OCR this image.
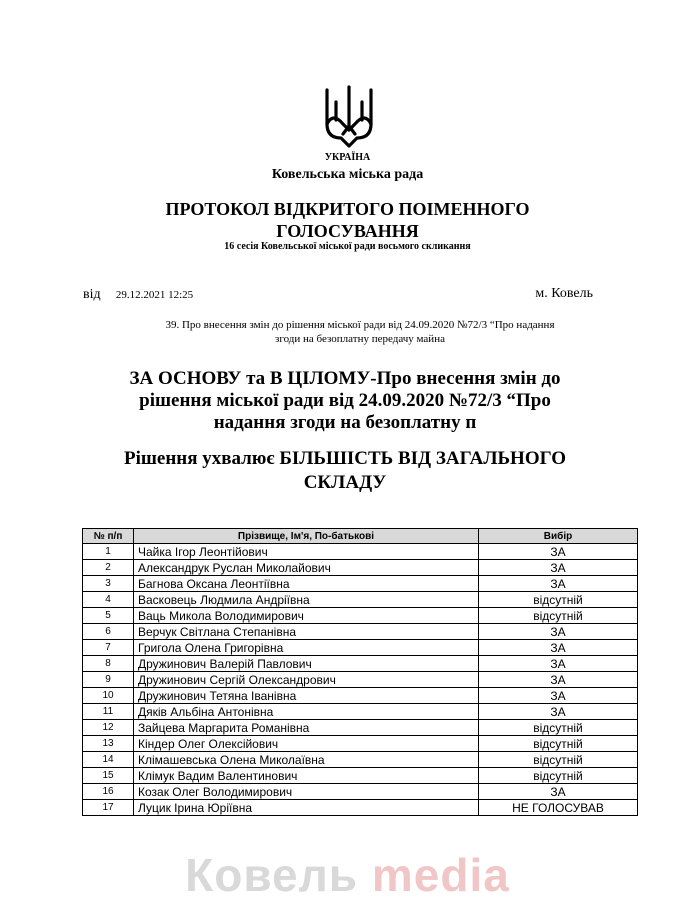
УКРАЇНА
Ковельська міська рада
ПРОТОКОЛ ВІДКРИТОГО ПОІМЕННОГО
ГОЛОСУВАННЯ
16 сесія Ковельської міської ради восьмого скликання
від 29.12.2021 12:25	м. Ковель
39. Про внесення змін до рішення міської ради від 24.09.2020 №72/3 “Про надання
згоди на безоплатну передачу майна
ЗА ОСНОВУ та В ЦІЛОМУ-Про внесення змін до
рішення міської ради від 24.09.2020 №72/3 “Про
надання згоди на безоплатну п
Рішення ухвалює БІЛЬШІСТЬ ВІД ЗАГАЛЬНОГО
СКЛАДУ
№ п/п	Прізвище, Ім'я, По-батькові	Вибір
1	Чайка Ігор Леонтійович	ЗА
2	Александрук Руслан Миколайович	ЗА
3	Багнова Оксана Леонтіївна	ЗА
4	Васковець Людмила Андріївна	відсутній
5	Ваць Микола Володимирович	відсутній
6	Верчук Світлана Степанівна	ЗА
7	Григола Олена Григорівна	ЗА
8	Дружинович Валерій Павлович	ЗА
9	Дружинович Сергій Олександрович	ЗА
10	Дружинович Тетяна Іванівна	ЗА
11	Дяків Альбіна Антонівна	ЗА
12	Зайцева Маргарита Романівна	відсутній
13	Кіндер Олег Олексійович	відсутній
14	Клімашевська Олена Миколаївна	відсутній
15	Клімук Вадим Валентинович	відсутній
16	Козак Олег Володимирович	ЗА
17	Луцик Ірина Юріївна	НЕ ГОЛОСУВАВ
Ковель media
